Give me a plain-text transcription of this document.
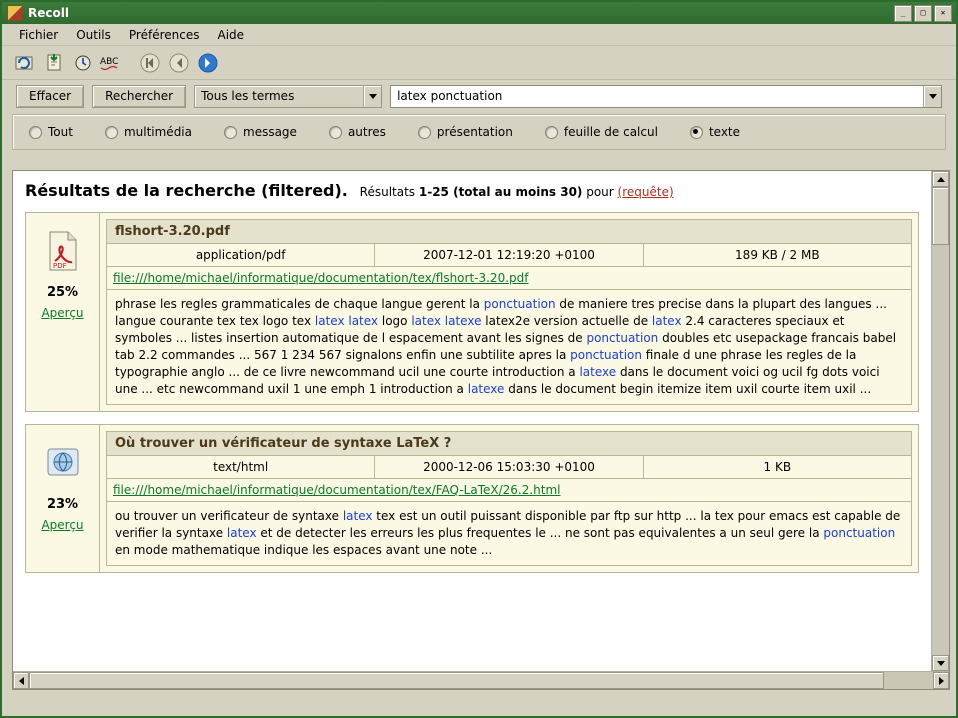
Recoll	_	□	✕
Fichier	Outils	Préférences	Aide
ABC
Effacer	Rechercher	Tous les termes	latex ponctuation
Tout	multimédia	message	autres	présentation	feuille de calcul	texte
Résultats de la recherche (filtered). Résultats 1-25 (total au moins 30) pour (requête)
PDF
25%
Aperçu
flshort-3.20.pdf
application/pdf	2007-12-01 12:19:20 +0100	189 KB / 2 MB
file:///home/michael/informatique/documentation/tex/flshort-3.20.pdf
phrase les regles grammaticales de chaque langue gerent la ponctuation de maniere tres precise dans la plupart des langues ... langue courante tex tex logo tex latex latex logo latex latexe latex2e version actuelle de latex 2.4 caracteres speciaux et symboles ... listes insertion automatique de l espacement avant les signes de ponctuation doubles etc usepackage francais babel tab 2.2 commandes ... 567 1 234 567 signalons enfin une subtilite apres la ponctuation finale d une phrase les regles de la typographie anglo ... de ce livre newcommand ucil une courte introduction a latexe dans le document voici og ucil fg dots voici une ... etc newcommand uxil 1 une emph 1 introduction a latexe dans le document begin itemize item uxil courte item uxil ...
23%
Aperçu
Où trouver un vérificateur de syntaxe LaTeX ?
text/html	2000-12-06 15:03:30 +0100	1 KB
file:///home/michael/informatique/documentation/tex/FAQ-LaTeX/26.2.html
ou trouver un verificateur de syntaxe latex tex est un outil puissant disponible par ftp sur http ... la tex pour emacs est capable de verifier la syntaxe latex et de detecter les erreurs les plus frequentes le ... ne sont pas equivalentes a un seul gere la ponctuation en mode mathematique indique les espaces avant une note ...
